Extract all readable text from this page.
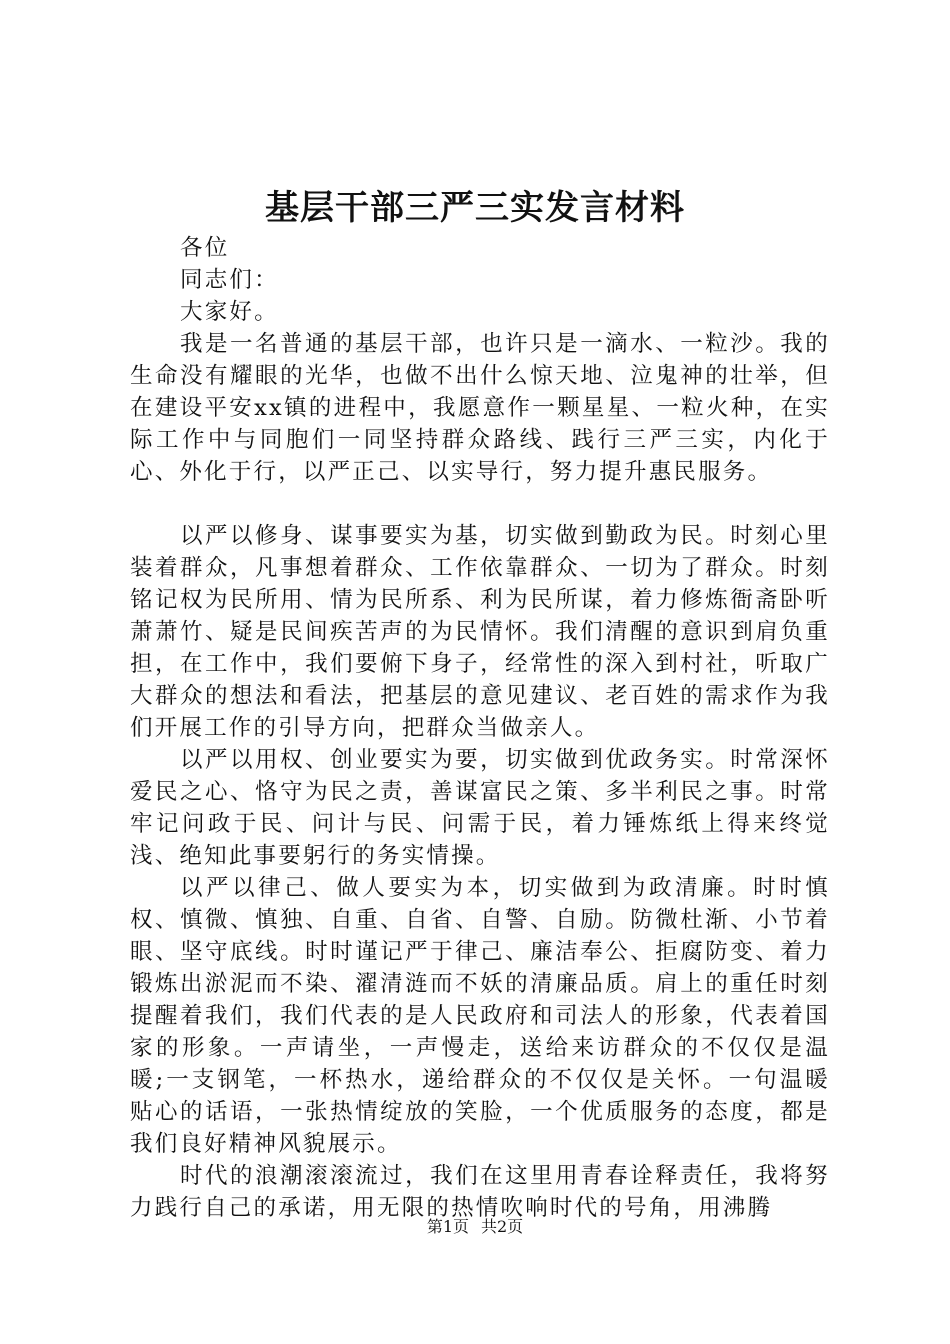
基层干部三严三实发言材料

各位

同志们：

大家好。

我是一名普通的基层干部，也许只是一滴水、一粒沙。我的生命没有耀眼的光华，也做不出什么惊天地、泣鬼神的壮举，但在建设平安xx镇的进程中，我愿意作一颗星星、一粒火种，在实际工作中与同胞们一同坚持群众路线、践行三严三实，内化于心、外化于行，以严正己、以实导行，努力提升惠民服务。

以严以修身、谋事要实为基，切实做到勤政为民。时刻心里装着群众，凡事想着群众、工作依靠群众、一切为了群众。时刻铭记权为民所用、情为民所系、利为民所谋，着力修炼衙斋卧听萧萧竹、疑是民间疾苦声的为民情怀。我们清醒的意识到肩负重担，在工作中，我们要俯下身子，经常性的深入到村社，听取广大群众的想法和看法，把基层的意见建议、老百姓的需求作为我们开展工作的引导方向，把群众当做亲人。

以严以用权、创业要实为要，切实做到优政务实。时常深怀爱民之心、恪守为民之责，善谋富民之策、多半利民之事。时常牢记问政于民、问计与民、问需于民，着力锤炼纸上得来终觉浅、绝知此事要躬行的务实情操。

以严以律己、做人要实为本，切实做到为政清廉。时时慎权、慎微、慎独、自重、自省、自警、自励。防微杜渐、小节着眼、坚守底线。时时谨记严于律己、廉洁奉公、拒腐防变、着力锻炼出淤泥而不染、濯清涟而不妖的清廉品质。肩上的重任时刻提醒着我们，我们代表的是人民政府和司法人的形象，代表着国家的形象。一声请坐，一声慢走，送给来访群众的不仅仅是温暖;一支钢笔，一杯热水，递给群众的不仅仅是关怀。一句温暖贴心的话语，一张热情绽放的笑脸，一个优质服务的态度，都是我们良好精神风貌展示。

时代的浪潮滚滚流过，我们在这里用青春诠释责任，我将努力践行自己的承诺，用无限的热情吹响时代的号角，用沸腾

第1页 共2页
